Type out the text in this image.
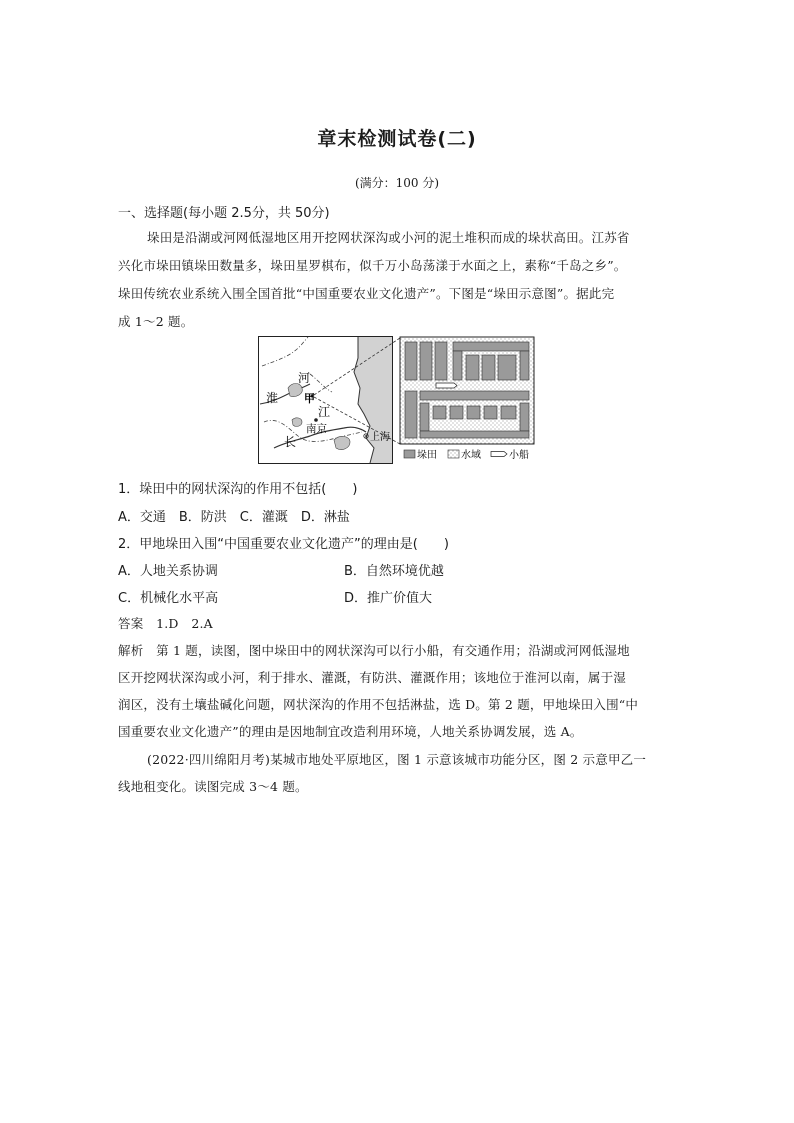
章末检测试卷(二)
(满分：100 分)
一、选择题(每小题 2.5分，共 50分)
垛田是沿湖或河网低湿地区用开挖网状深沟或小河的泥土堆积而成的垛状高田。江苏省
兴化市垛田镇垛田数量多，垛田星罗棋布，似千万小岛荡漾于水面之上，素称“千岛之乡”。
垛田传统农业系统入围全国首批“中国重要农业文化遗产”。下图是“垛田示意图”。据此完
成 1～2 题。
河
淮 甲
江
南京
长	上海
垛田 水域	小船
1．垛田中的网状深沟的作用不包括(　　)
A．交通　B．防洪　C．灌溉　D．淋盐
2．甲地垛田入围“中国重要农业文化遗产”的理由是(　　)
A．人地关系协调	B．自然环境优越
C．机械化水平高	D．推广价值大
答案　1.D　2.A
解析　第 1 题，读图，图中垛田中的网状深沟可以行小船，有交通作用；沿湖或河网低湿地
区开挖网状深沟或小河，利于排水、灌溉，有防洪、灌溉作用；该地位于淮河以南，属于湿
润区，没有土壤盐碱化问题，网状深沟的作用不包括淋盐，选 D。第 2 题，甲地垛田入围“中
国重要农业文化遗产”的理由是因地制宜改造利用环境，人地关系协调发展，选 A。
(2022·四川绵阳月考)某城市地处平原地区，图 1 示意该城市功能分区，图 2 示意甲乙一
线地租变化。读图完成 3～4 题。
